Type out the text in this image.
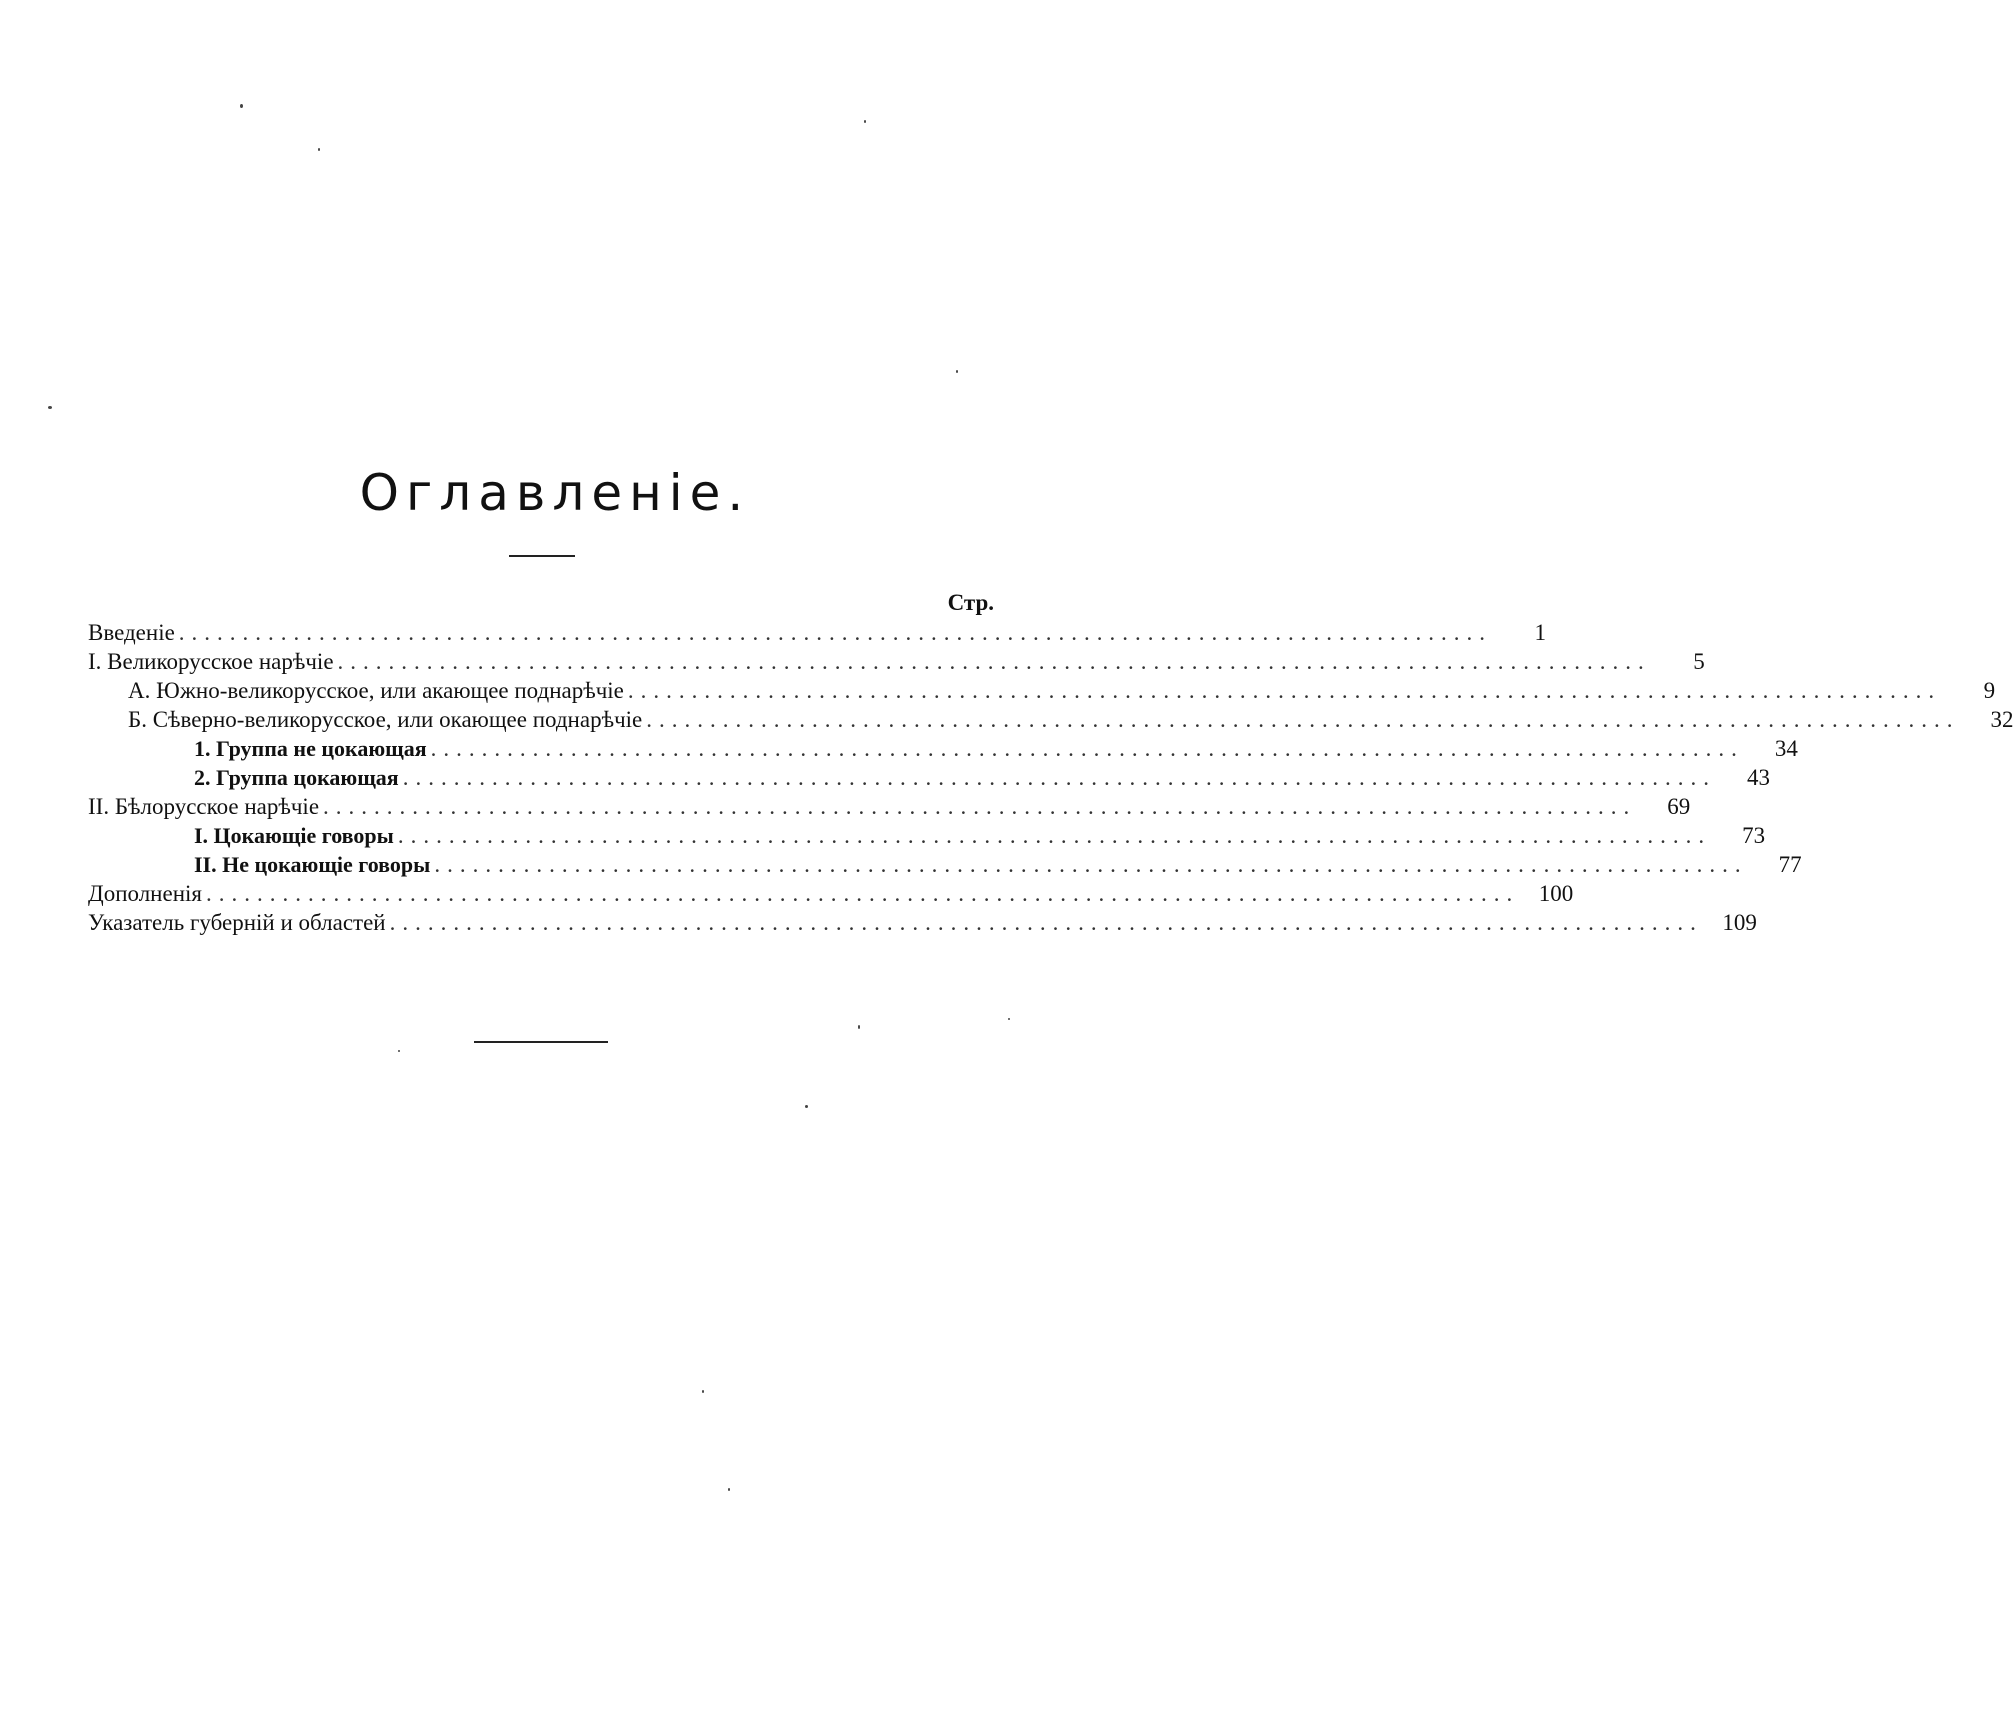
Оглавленіе.
Стр.
Введеніе .......................................................................................................	1
I. Великорусское нарѣчіе .......................................................................................................	5
А. Южно-великорусское, или акающее поднарѣчіе .......................................................................................................	9
Б. Сѣверно-великорусское, или окающее поднарѣчіе .......................................................................................................	32
1. Группа не цокающая .......................................................................................................	34
2. Группа цокающая .......................................................................................................	43
II. Бѣлорусское нарѣчіе .......................................................................................................	69
I. Цокающіе говоры .......................................................................................................	73
II. Не цокающіе говоры .......................................................................................................	77
Дополненія ....................................................................................................... 100
Указатель губерній и областей ....................................................................................................... 109
